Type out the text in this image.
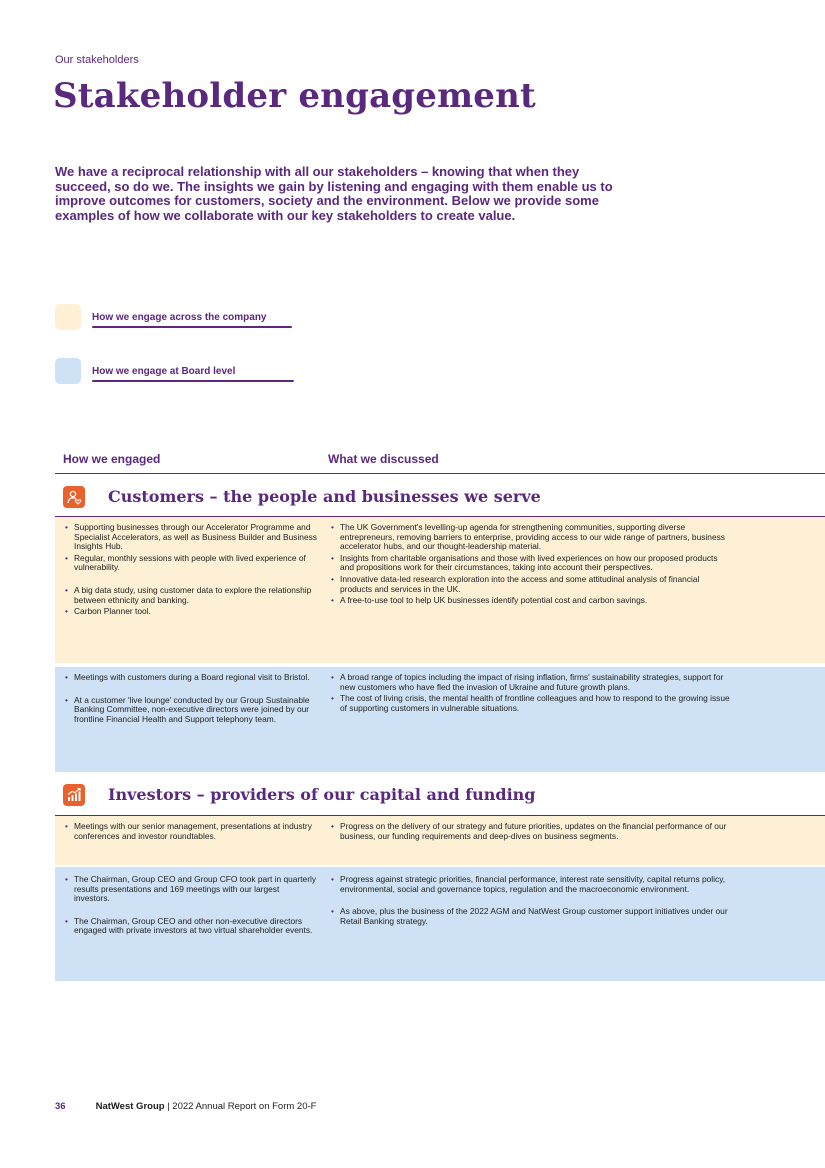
Our stakeholders
Stakeholder engagement

We have a reciprocal relationship with all our stakeholders – knowing that when they succeed, so do we. The insights we gain by listening and engaging with them enable us to improve outcomes for customers, society and the environment. Below we provide some examples of how we collaborate with our key stakeholders to create value.

How we engage across the company
How we engage at Board level
How we engaged	What we discussed
Customers – the people and businesses we serve
• Supporting businesses through our Accelerator Programme and Specialist Accelerators, as well as Business Builder and Business Insights Hub.
• Regular, monthly sessions with people with lived experience of vulnerability.
• A big data study, using customer data to explore the relationship between ethnicity and banking.
• Carbon Planner tool.
• The UK Government's levelling-up agenda for strengthening communities, supporting diverse entrepreneurs, removing barriers to enterprise, providing access to our wide range of partners, business accelerator hubs, and our thought-leadership material.
• Insights from charitable organisations and those with lived experiences on how our proposed products and propositions work for their circumstances, taking into account their perspectives.
• Innovative data-led research exploration into the access and some attitudinal analysis of financial products and services in the UK.
• A free-to-use tool to help UK businesses identify potential cost and carbon savings.
• Meetings with customers during a Board regional visit to Bristol.
• At a customer 'live lounge' conducted by our Group Sustainable Banking Committee, non-executive directors were joined by our frontline Financial Health and Support telephony team.
• A broad range of topics including the impact of rising inflation, firms' sustainability strategies, support for new customers who have fled the invasion of Ukraine and future growth plans.
• The cost of living crisis, the mental health of frontline colleagues and how to respond to the growing issue of supporting customers in vulnerable situations.
Investors – providers of our capital and funding
• Meetings with our senior management, presentations at industry conferences and investor roundtables.
• Progress on the delivery of our strategy and future priorities, updates on the financial performance of our business, our funding requirements and deep-dives on business segments.
• The Chairman, Group CEO and Group CFO took part in quarterly results presentations and 169 meetings with our largest investors.
• The Chairman, Group CEO and other non-executive directors engaged with private investors at two virtual shareholder events.
• Progress against strategic priorities, financial performance, interest rate sensitivity, capital returns policy, environmental, social and governance topics, regulation and the macroeconomic environment.
• As above, plus the business of the 2022 AGM and NatWest Group customer support initiatives under our Retail Banking strategy.
36	NatWest Group | 2022 Annual Report on Form 20-F
